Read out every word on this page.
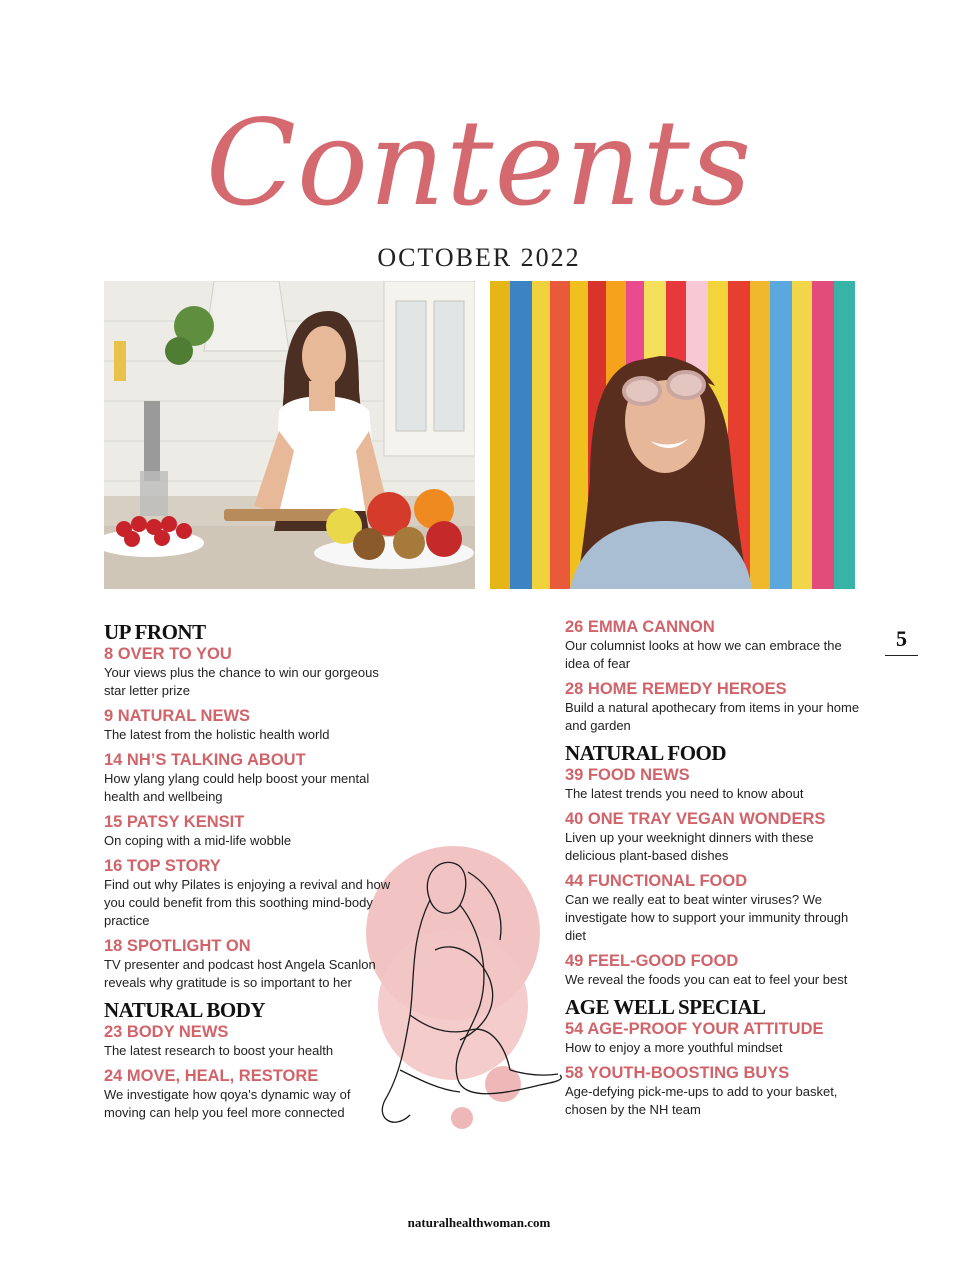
Contents
OCTOBER 2022
UP FRONT
8 OVER TO YOU
Your views plus the chance to win our gorgeous star letter prize
9 NATURAL NEWS
The latest from the holistic health world
14 NH’S TALKING ABOUT
How ylang ylang could help boost your mental health and wellbeing
15 PATSY KENSIT
On coping with a mid-life wobble
16 TOP STORY
Find out why Pilates is enjoying a revival and how you could benefit from this soothing mind-body practice
18 SPOTLIGHT ON
TV presenter and podcast host Angela Scanlon reveals why gratitude is so important to her
NATURAL BODY
23 BODY NEWS
The latest research to boost your health
24 MOVE, HEAL, RESTORE
We investigate how qoya's dynamic way of moving can help you feel more connected
26 EMMA CANNON
Our columnist looks at how we can embrace the idea of fear
28 HOME REMEDY HEROES
Build a natural apothecary from items in your home and garden
NATURAL FOOD
39 FOOD NEWS
The latest trends you need to know about
40 ONE TRAY VEGAN WONDERS
Liven up your weeknight dinners with these delicious plant-based dishes
44 FUNCTIONAL FOOD
Can we really eat to beat winter viruses? We investigate how to support your immunity through diet
49 FEEL-GOOD FOOD
We reveal the foods you can eat to feel your best
AGE WELL SPECIAL
54 AGE-PROOF YOUR ATTITUDE
How to enjoy a more youthful mindset
58 YOUTH-BOOSTING BUYS
Age-defying pick-me-ups to add to your basket, chosen by the NH team
5
naturalhealthwoman.com
